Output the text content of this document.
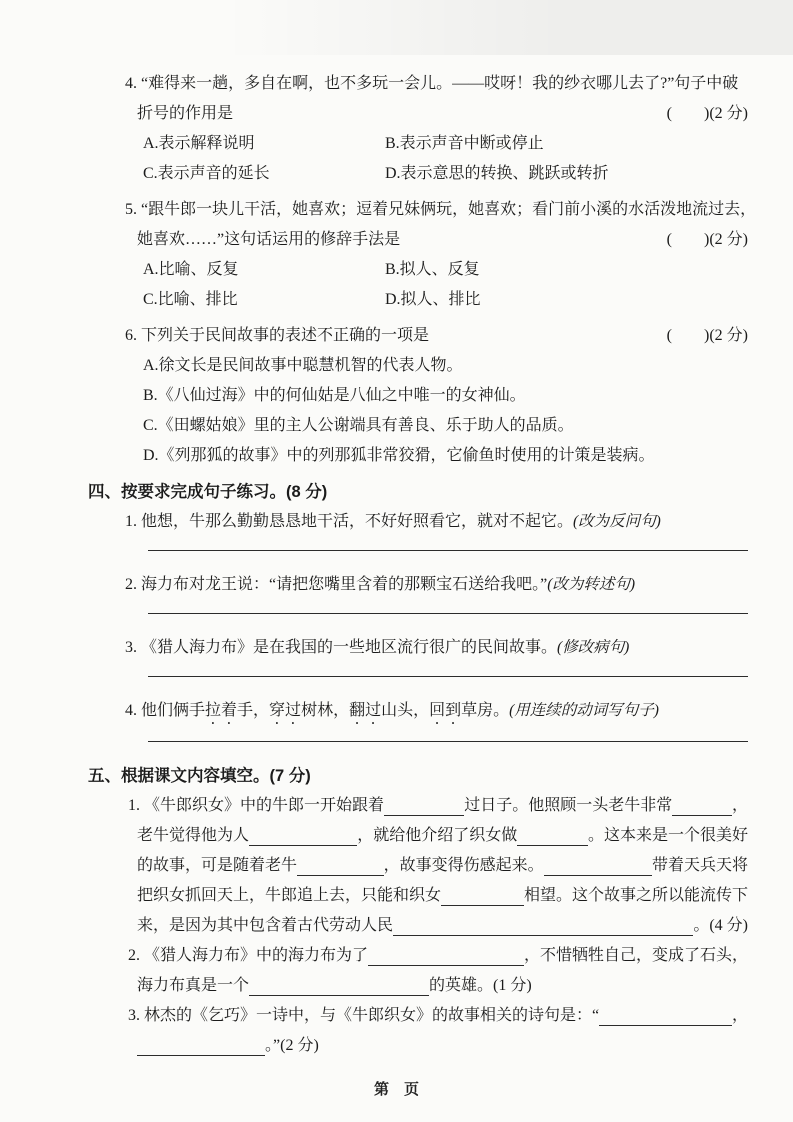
4. “难得来一趟，多自在啊，也不多玩一会儿。——哎呀！我的纱衣哪儿去了?”句子中破
折号的作用是	(　　)(2 分)
A.表示解释说明	B.表示声音中断或停止
C.表示声音的延长	D.表示意思的转换、跳跃或转折
5. “跟牛郎一块儿干活，她喜欢；逗着兄妹俩玩，她喜欢；看门前小溪的水活泼地流过去，
她喜欢……”这句话运用的修辞手法是	(　　)(2 分)
A.比喻、反复	B.拟人、反复
C.比喻、排比	D.拟人、排比
6. 下列关于民间故事的表述不正确的一项是	(　　)(2 分)
A.徐文长是民间故事中聪慧机智的代表人物。
B.《八仙过海》中的何仙姑是八仙之中唯一的女神仙。
C.《田螺姑娘》里的主人公谢端具有善良、乐于助人的品质。
D.《列那狐的故事》中的列那狐非常狡猾，它偷鱼时使用的计策是装病。
四、按要求完成句子练习。(8 分)
1. 他想，牛那么勤勤恳恳地干活，不好好照看它，就对不起它。(改为反问句)
2. 海力布对龙王说：“请把您嘴里含着的那颗宝石送给我吧。”(改为转述句)
3. 《猎人海力布》是在我国的一些地区流行很广的民间故事。(修改病句)
4. 他们俩手拉着手，穿过树林，翻过山头，回到草房。(用连续的动词写句子)
五、根据课文内容填空。(7 分)
1. 《牛郎织女》中的牛郎一开始跟着	过日子。他照顾一头老牛非常	，
老牛觉得他为人	，就给他介绍了织女做	。这本来是一个很美好
的故事，可是随着老牛	，故事变得伤感起来。	带着天兵天将
把织女抓回天上，牛郎追上去，只能和织女	相望。这个故事之所以能流传下
来，是因为其中包含着古代劳动人民	。 (4 分)
2. 《猎人海力布》中的海力布为了	，不惜牺牲自己，变成了石头，
海力布真是一个	的英雄。 (1 分)
3. 林杰的《乞巧》一诗中，与《牛郎织女》的故事相关的诗句是：“	，
。” (2 分)
第　页
